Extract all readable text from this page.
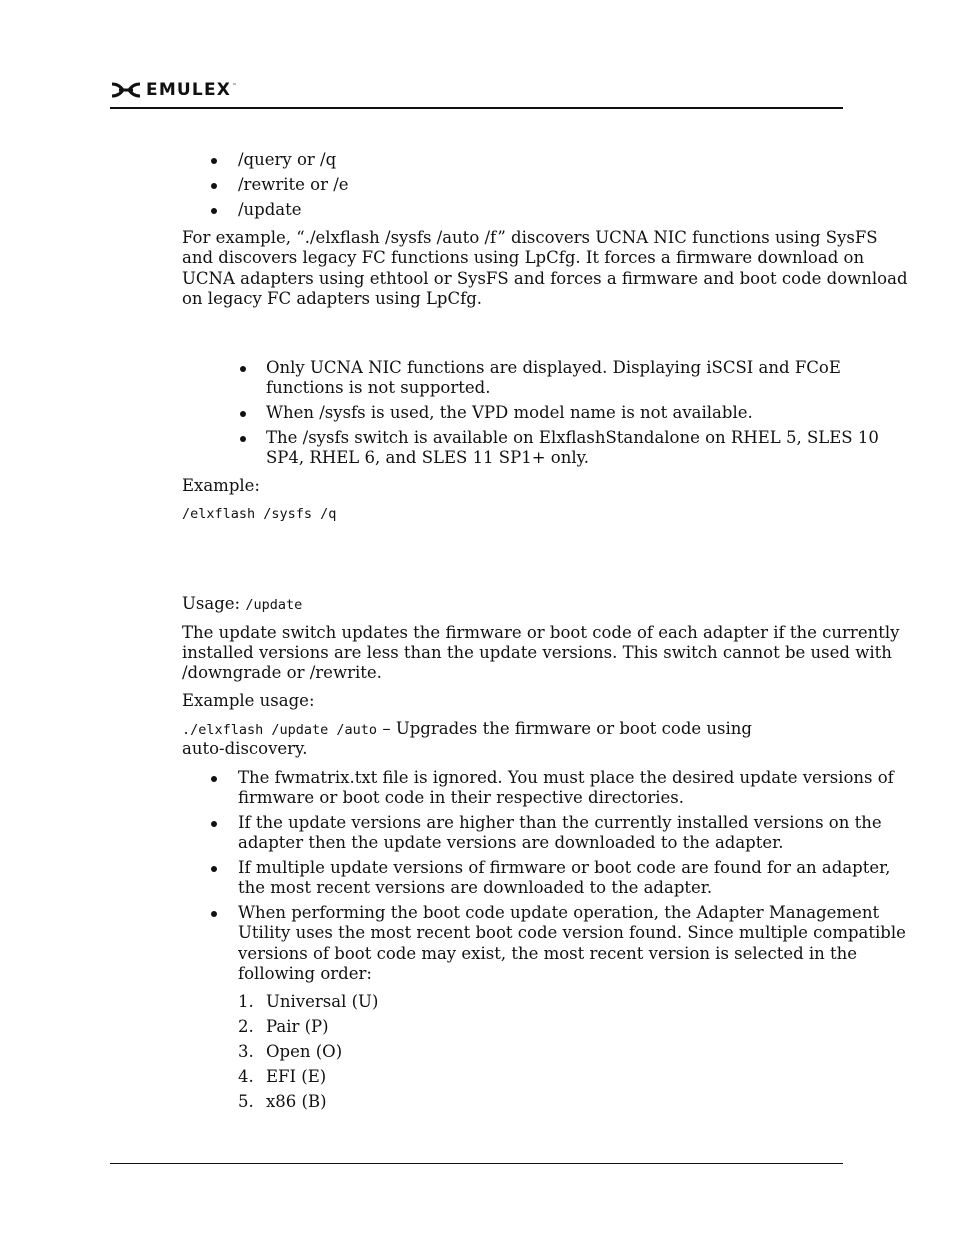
EMULEX ™
/query or /q
/rewrite or /e
/update
For example, “./elxflash /sysfs /auto /f” discovers UCNA NIC functions using SysFS
and discovers legacy FC functions using LpCfg. It forces a firmware download on
UCNA adapters using ethtool or SysFS and forces a firmware and boot code download
on legacy FC adapters using LpCfg.
Only UCNA NIC functions are displayed. Displaying iSCSI and FCoE
functions is not supported.
When /sysfs is used, the VPD model name is not available.
The /sysfs switch is available on ElxflashStandalone on RHEL 5, SLES 10
SP4, RHEL 6, and SLES 11 SP1+ only.
Example:
/elxflash /sysfs /q
Usage: /update
The update switch updates the firmware or boot code of each adapter if the currently
installed versions are less than the update versions. This switch cannot be used with
/downgrade or /rewrite.
Example usage:
./elxflash /update /auto – Upgrades the firmware or boot code using
auto-discovery.
The fwmatrix.txt file is ignored. You must place the desired update versions of
firmware or boot code in their respective directories.
If the update versions are higher than the currently installed versions on the
adapter then the update versions are downloaded to the adapter.
If multiple update versions of firmware or boot code are found for an adapter,
the most recent versions are downloaded to the adapter.
When performing the boot code update operation, the Adapter Management
Utility uses the most recent boot code version found. Since multiple compatible
versions of boot code may exist, the most recent version is selected in the
following order:
1. Universal (U)
2. Pair (P)
3. Open (O)
4. EFI (E)
5. x86 (B)
